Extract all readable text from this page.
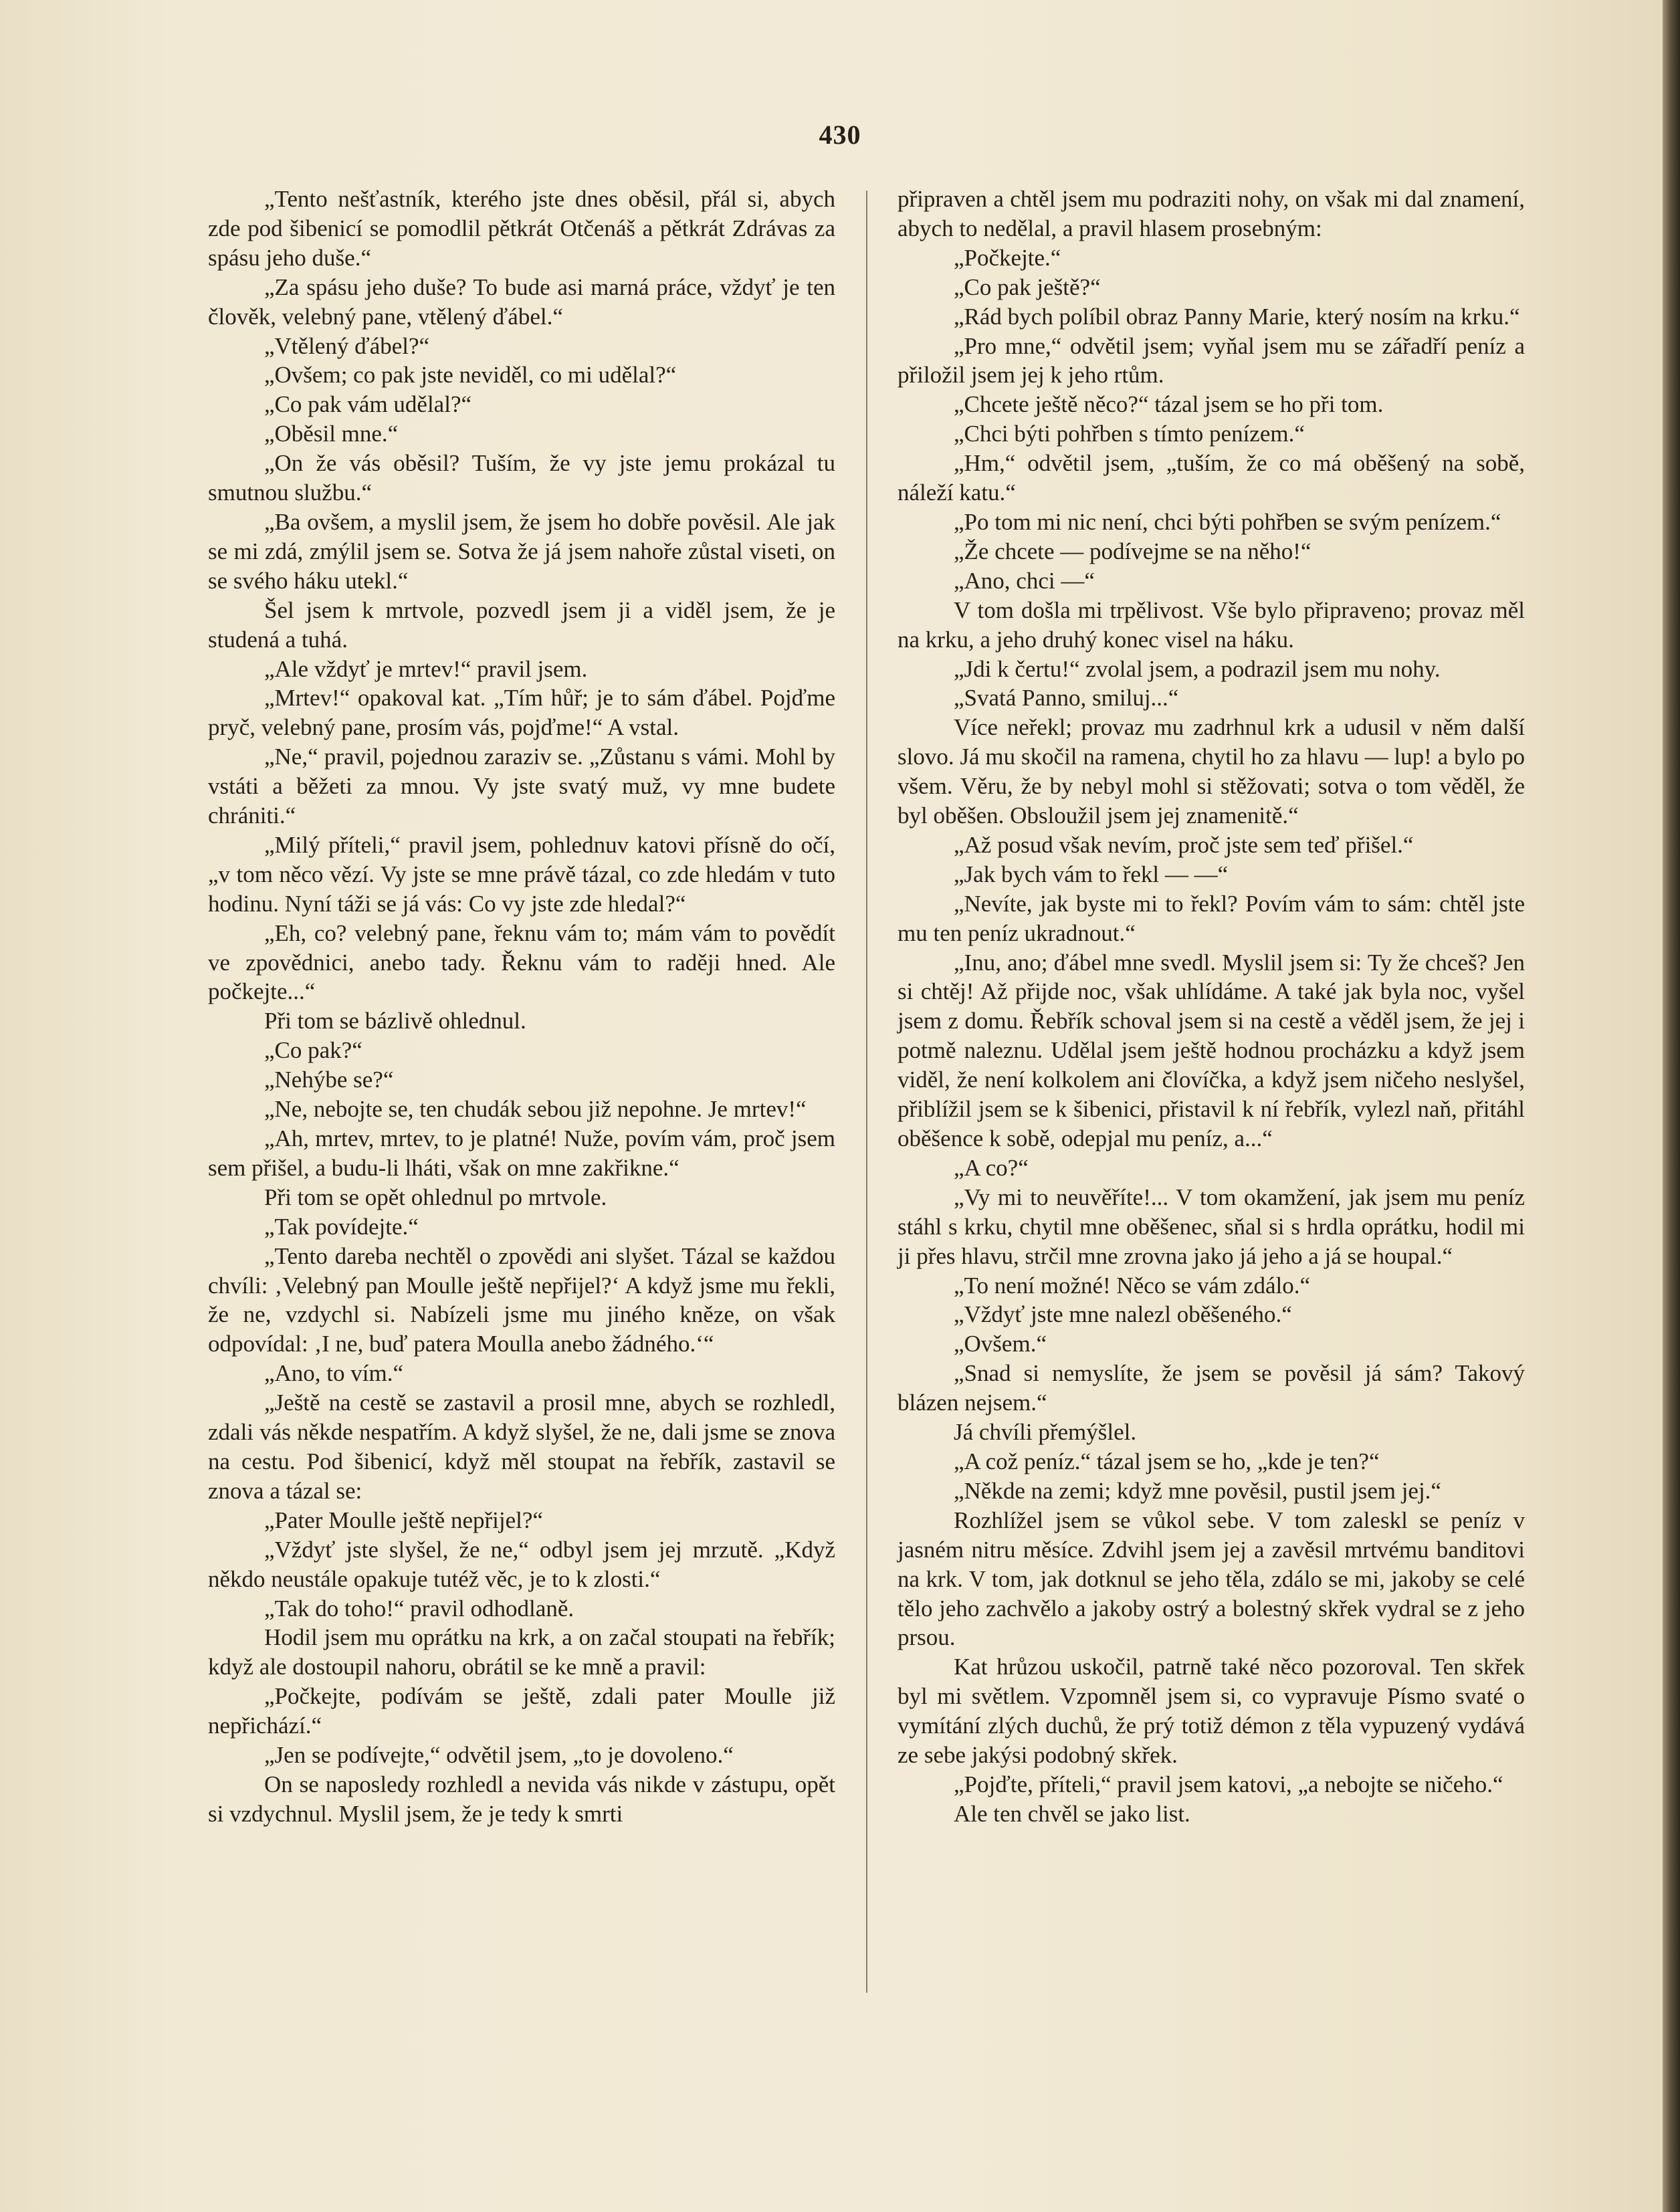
430

„Tento nešťastník, kterého jste dnes oběsil, přál si, abych zde pod šibenicí se pomodlil pětkrát Otčenáš a pětkrát Zdrávas za spásu jeho duše.“

„Za spásu jeho duše? To bude asi marná práce, vždyť je ten člověk, velebný pane, vtělený ďábel.“

„Vtělený ďábel?“

„Ovšem; co pak jste neviděl, co mi udělal?“

„Co pak vám udělal?“

„Oběsil mne.“

„On že vás oběsil? Tuším, že vy jste jemu prokázal tu smutnou službu.“

„Ba ovšem, a myslil jsem, že jsem ho dobře pověsil. Ale jak se mi zdá, zmýlil jsem se. Sotva že já jsem nahoře zůstal viseti, on se svého háku utekl.“

Šel jsem k mrtvole, pozvedl jsem ji a viděl jsem, že je studená a tuhá.

„Ale vždyť je mrtev!“ pravil jsem.

„Mrtev!“ opakoval kat. „Tím hůř; je to sám ďábel. Pojďme pryč, velebný pane, prosím vás, pojďme!“ A vstal.

„Ne,“ pravil, pojednou zaraziv se. „Zůstanu s vámi. Mohl by vstáti a běžeti za mnou. Vy jste svatý muž, vy mne budete chrániti.“

„Milý příteli,“ pravil jsem, pohlednuv katovi přísně do očí, „v tom něco vězí. Vy jste se mne právě tázal, co zde hledám v tuto hodinu. Nyní táži se já vás: Co vy jste zde hledal?“

„Eh, co? velebný pane, řeknu vám to; mám vám to povědít ve zpovědnici, anebo tady. Řeknu vám to raději hned. Ale počkejte...“

Při tom se bázlivě ohlednul.

„Co pak?“

„Nehýbe se?“

„Ne, nebojte se, ten chudák sebou již nepohne. Je mrtev!“

„Ah, mrtev, mrtev, to je platné! Nuže, povím vám, proč jsem sem přišel, a budu-li lháti, však on mne zakřikne.“

Při tom se opět ohlednul po mrtvole.

„Tak povídejte.“

„Tento darebа nechtěl o zpovědi ani slyšet. Tázal se každou chvíli: ‚Velebný pan Moulle ještě nepřijel?‘ A když jsme mu řekli, že ne, vzdychl si. Nabízeli jsme mu jiného kněze, on však odpovídal: ‚I ne, buď patera Moulla anebo žádného.‘“

„Ano, to vím.“

„Ještě na cestě se zastavil a prosil mne, abych se rozhledl, zdali vás někde nespatřím. A když slyšel, že ne, dali jsme se znova na cestu. Pod šibenicí, když měl stoupat na řebřík, zastavil se znova a tázal se:

„Pater Moulle ještě nepřijel?“

„Vždyť jste slyšel, že ne,“ odbyl jsem jej mrzutě. „Když někdo neustále opakuje tutéž věc, je to k zlosti.“

„Tak do toho!“ pravil odhodlaně.

Hodil jsem mu oprátku na krk, a on začal stoupati na řebřík; když ale dostoupil nahoru, obrátil se ke mně a pravil:

„Počkejte, podívám se ještě, zdali pater Moulle již nepřichází.“

„Jen se podívejte,“ odvětil jsem, „to je dovoleno.“

On se naposledy rozhledl a nevida vás nikde v zástupu, opět si vzdychnul. Myslil jsem, že je tedy k smrti

připraven a chtěl jsem mu podraziti nohy, on však mi dal znamení, abych to nedělal, a pravil hlasem prosebným:

„Počkejte.“

„Co pak ještě?“

„Rád bych políbil obraz Panny Marie, který nosím na krku.“

„Pro mne,“ odvětil jsem; vyňal jsem mu se zářadří peníz a přiložil jsem jej k jeho rtům.

„Chcete ještě něco?“ tázal jsem se ho při tom.

„Chci býti pohřben s tímto penízem.“

„Hm,“ odvětil jsem, „tuším, že co má oběšený na sobě, náleží katu.“

„Po tom mi nic není, chci býti pohřben se svým penízem.“

„Že chcete — podívejme se na něho!“

„Ano, chci —“

V tom došla mi trpělivost. Vše bylo připraveno; provaz měl na krku, a jeho druhý konec visel na háku.

„Jdi k čertu!“ zvolal jsem, a podrazil jsem mu nohy.

„Svatá Panno, smiluj...“

Více neřekl; provaz mu zadrhnul krk a udusil v něm další slovo. Já mu skočil na ramena, chytil ho za hlavu — lup! a bylo po všem. Věru, že by nebyl mohl si stěžovati; sotva o tom věděl, že byl oběšen. Obsloužil jsem jej znamenitě.“

„Až posud však nevím, proč jste sem teď přišel.“

„Jak bych vám to řekl — —“

„Nevíte, jak byste mi to řekl? Povím vám to sám: chtěl jste mu ten peníz ukradnout.“

„Inu, ano; ďábel mne svedl. Myslil jsem si: Ty že chceš? Jen si chtěj! Až přijde noc, však uhlídáme. A také jak byla noc, vyšel jsem z domu. Řebřík schoval jsem si na cestě a věděl jsem, že jej i potmě naleznu. Udělal jsem ještě hodnou procházku a když jsem viděl, že není kolkolem ani človíčka, a když jsem ničeho neslyšel, přiblížil jsem se k šibenici, přistavil k ní řebřík, vylezl naň, přitáhl oběšence k sobě, odepjal mu peníz, a...“

„A co?“

„Vy mi to neuvěříte!... V tom okamžení, jak jsem mu peníz stáhl s krku, chytil mne oběšenec, sňal si s hrdla oprátku, hodil mi ji přes hlavu, strčil mne zrovna jako já jeho a já se houpal.“

„To není možné! Něco se vám zdálo.“

„Vždyť jste mne nalezl oběšeného.“

„Ovšem.“

„Snad si nemyslíte, že jsem se pověsil já sám? Takový blázen nejsem.“

Já chvíli přemýšlel.

„A což peníz.“ tázal jsem se ho, „kde je ten?“

„Někde na zemi; když mne pověsil, pustil jsem jej.“

Rozhlížel jsem se vůkol sebe. V tom zaleskl se peníz v jasném nitru měsíce. Zdvihl jsem jej a zavěsil mrtvému banditovi na krk. V tom, jak dotknul se jeho těla, zdálo se mi, jakoby se celé tělo jeho zachvělo a jakoby ostrý a bolestný skřek vydral se z jeho prsou.

Kat hrůzou uskočil, patrně také něco pozoroval. Ten skřek byl mi světlem. Vzpomněl jsem si, co vypravuje Písmo svaté o vymítání zlých duchů, že prý totiž démon z těla vypuzený vydává ze sebe jakýsi podobný skřek.

„Pojďte, příteli,“ pravil jsem katovi, „a nebojte se ničeho.“

Ale ten chvěl se jako list.
